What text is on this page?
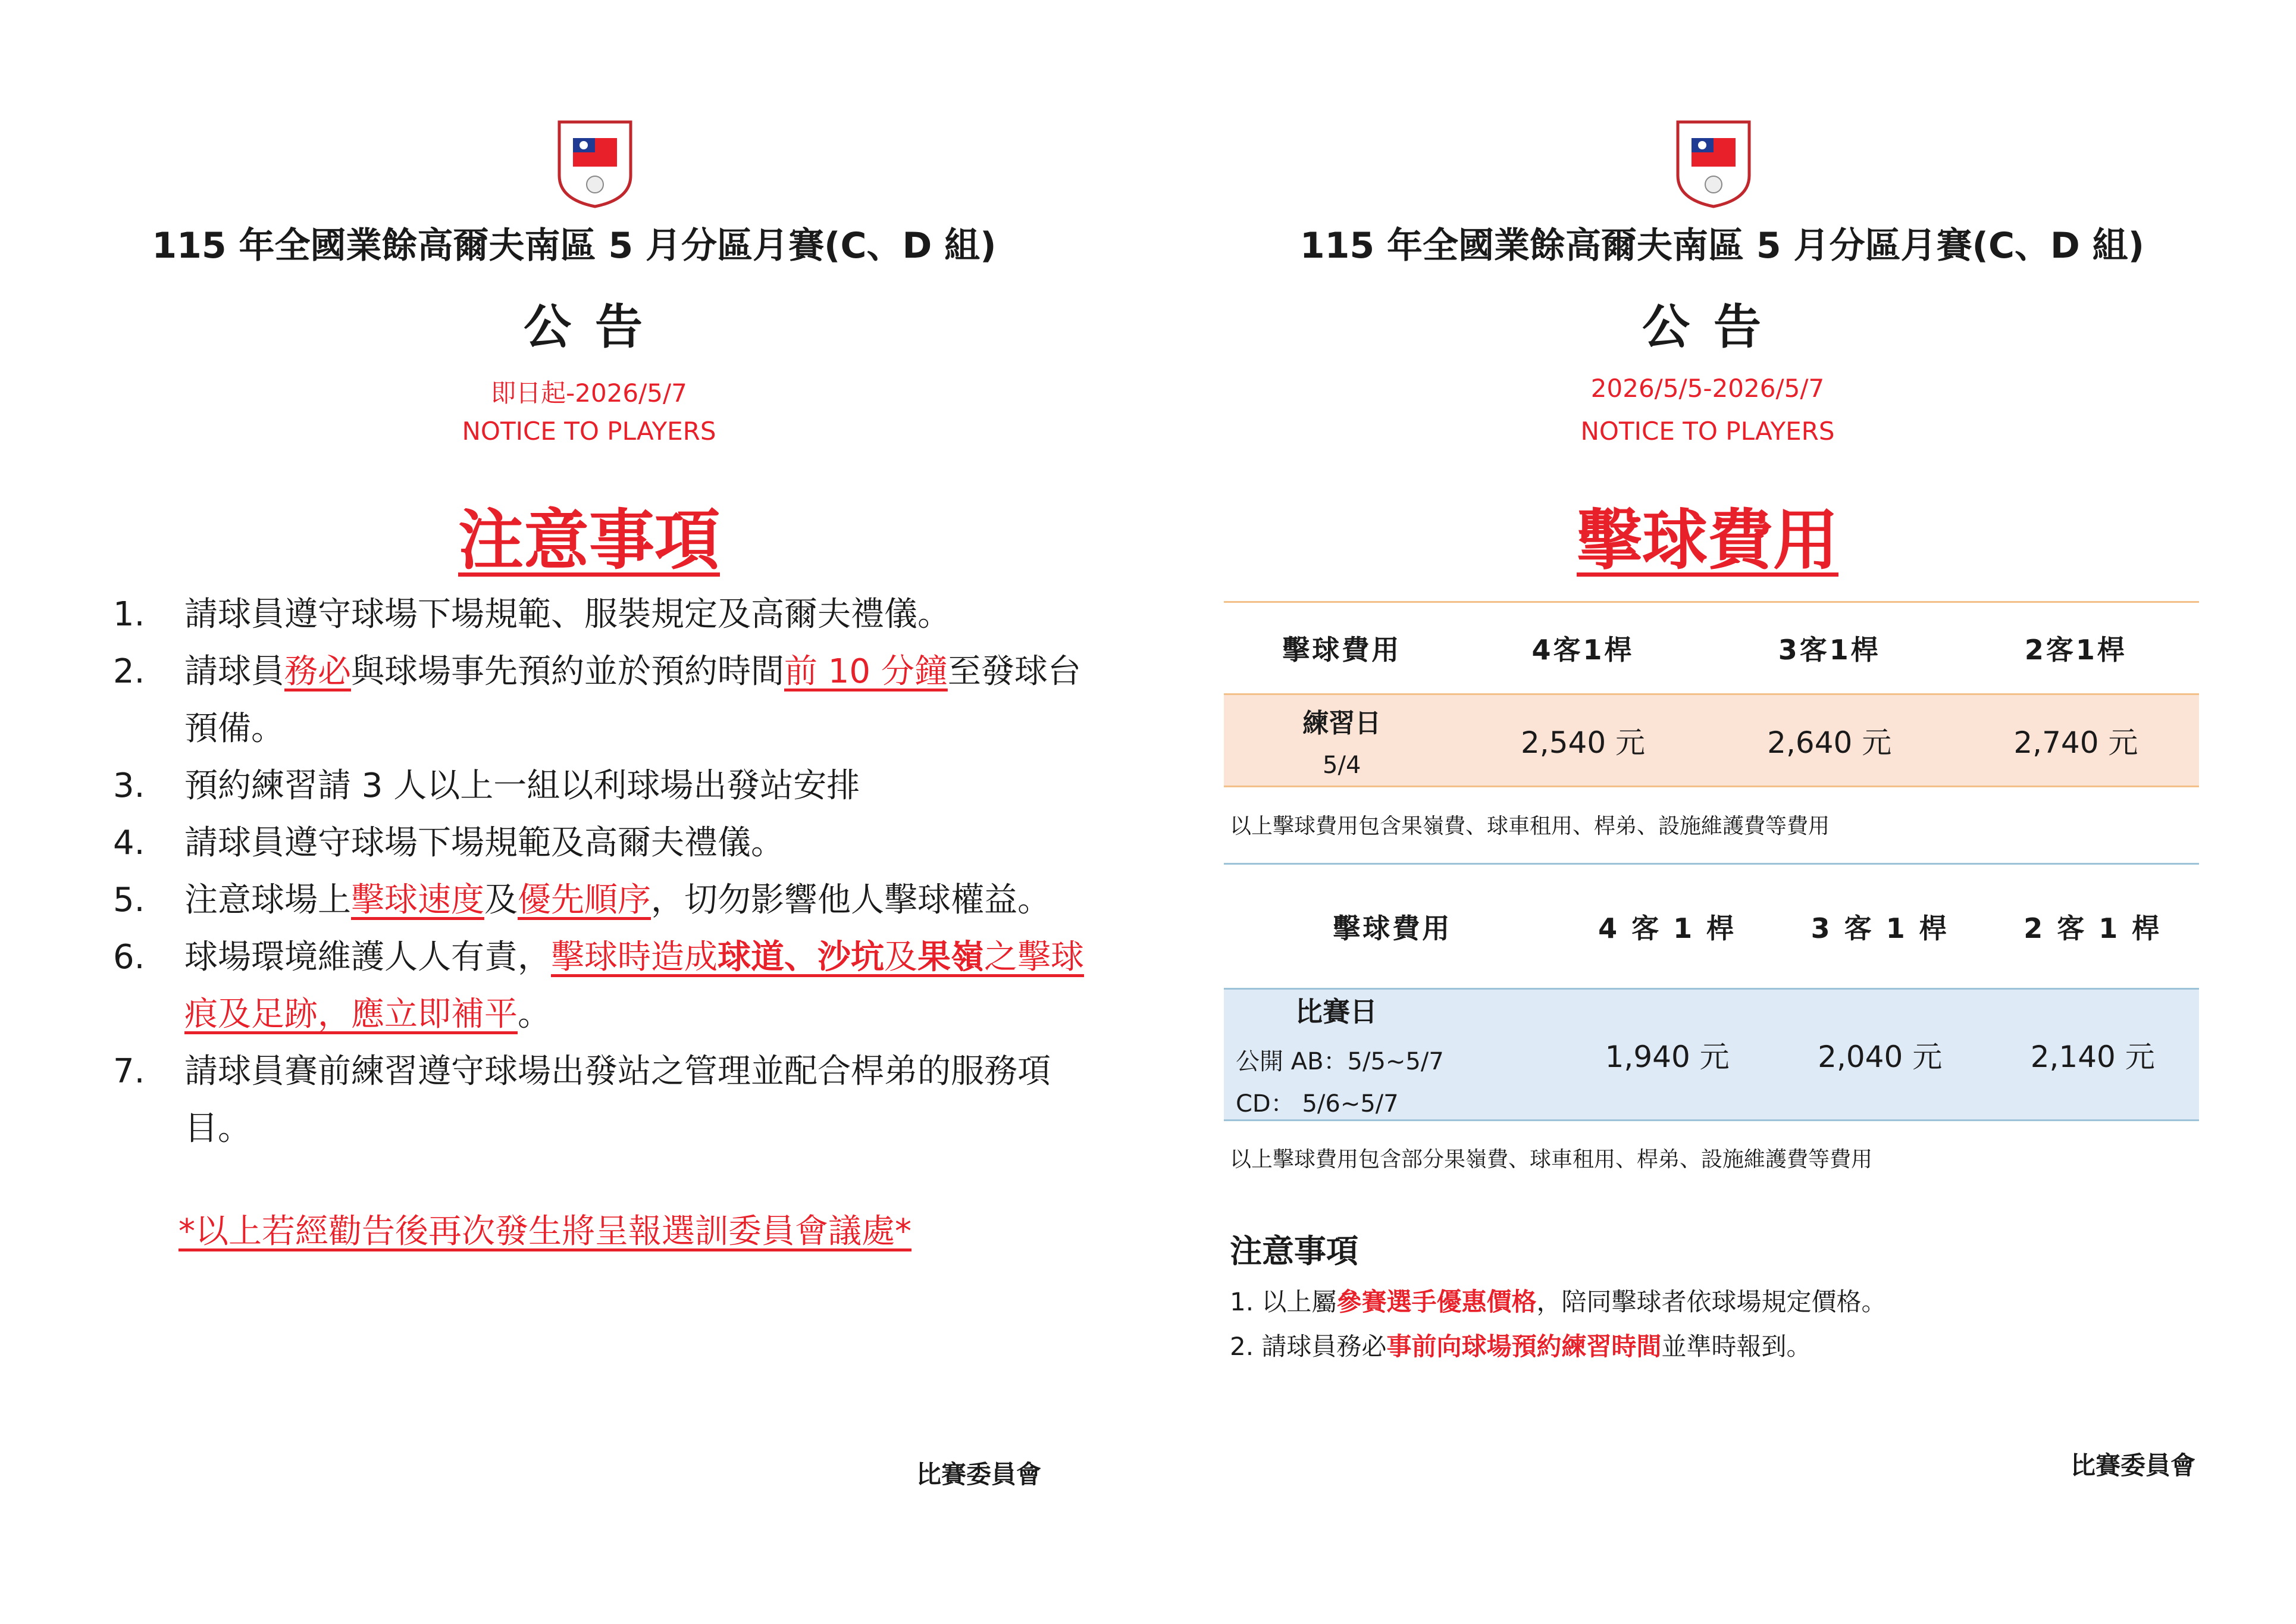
115 年全國業餘高爾夫南區 5 月分區月賽(C、D 組)
公告
即日起-2026/5/7
NOTICE TO PLAYERS
注意事項
1. 請球員遵守球場下場規範、服裝規定及高爾夫禮儀。
2. 請球員務必與球場事先預約並於預約時間前 10 分鐘至發球台預備。
3. 預約練習請 3 人以上一組以利球場出發站安排
4. 請球員遵守球場下場規範及高爾夫禮儀。
5. 注意球場上擊球速度及優先順序，切勿影響他人擊球權益。
6. 球場環境維護人人有責，擊球時造成球道、沙坑及果嶺之擊球痕及足跡，應立即補平。
7. 請球員賽前練習遵守球場出發站之管理並配合桿弟的服務項目。
*以上若經勸告後再次發生將呈報選訓委員會議處*
比賽委員會
115 年全國業餘高爾夫南區 5 月分區月賽(C、D 組)
公告
2026/5/5-2026/5/7
NOTICE TO PLAYERS
擊球費用
擊球費用	4客1桿	3客1桿	2客1桿

練習日
5/4	2,540 元	2,640 元	2,740 元
以上擊球費用包含果嶺費、球車租用、桿弟、設施維護費等費用
擊球費用	4 客 1 桿	3 客 1 桿	2 客 1 桿

比賽日
公開 AB：5/5~5/7
CD： 5/6~5/7	1,940 元	2,040 元	2,140 元
以上擊球費用包含部分果嶺費、球車租用、桿弟、設施維護費等費用
注意事項
1. 以上屬參賽選手優惠價格，陪同擊球者依球場規定價格。
2. 請球員務必事前向球場預約練習時間並準時報到。
比賽委員會
